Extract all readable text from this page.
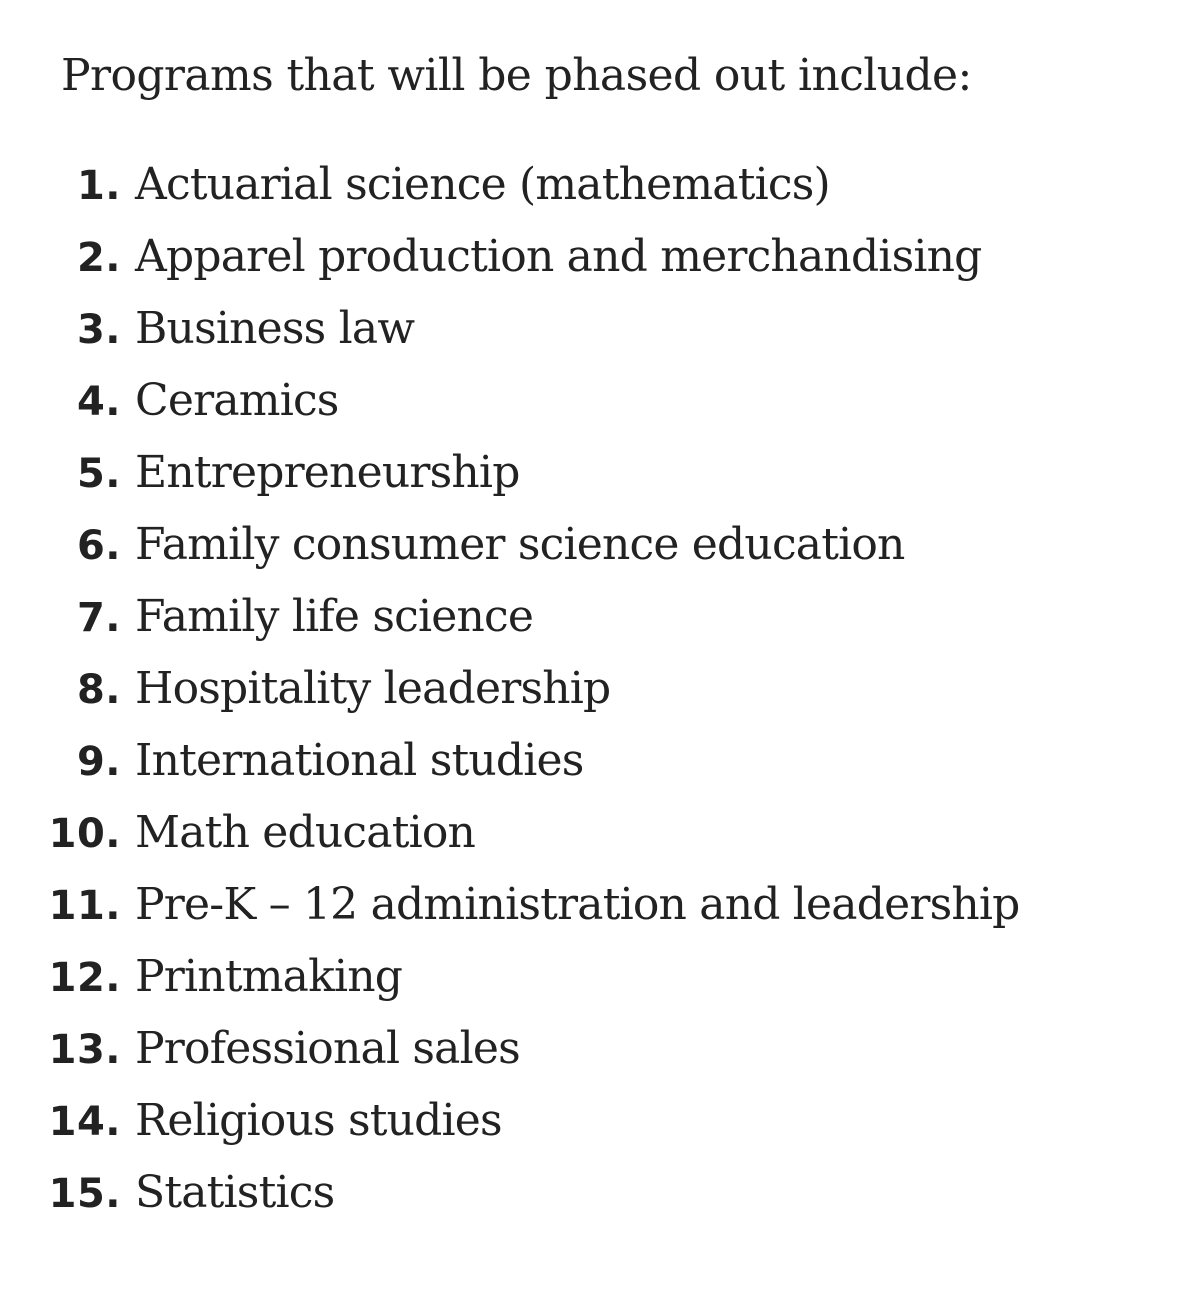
Programs that will be phased out include:

1. Actuarial science (mathematics)
2. Apparel production and merchandising
3. Business law
4. Ceramics
5. Entrepreneurship
6. Family consumer science education
7. Family life science
8. Hospitality leadership
9. International studies
10. Math education
11. Pre-K – 12 administration and leadership
12. Printmaking
13. Professional sales
14. Religious studies
15. Statistics
